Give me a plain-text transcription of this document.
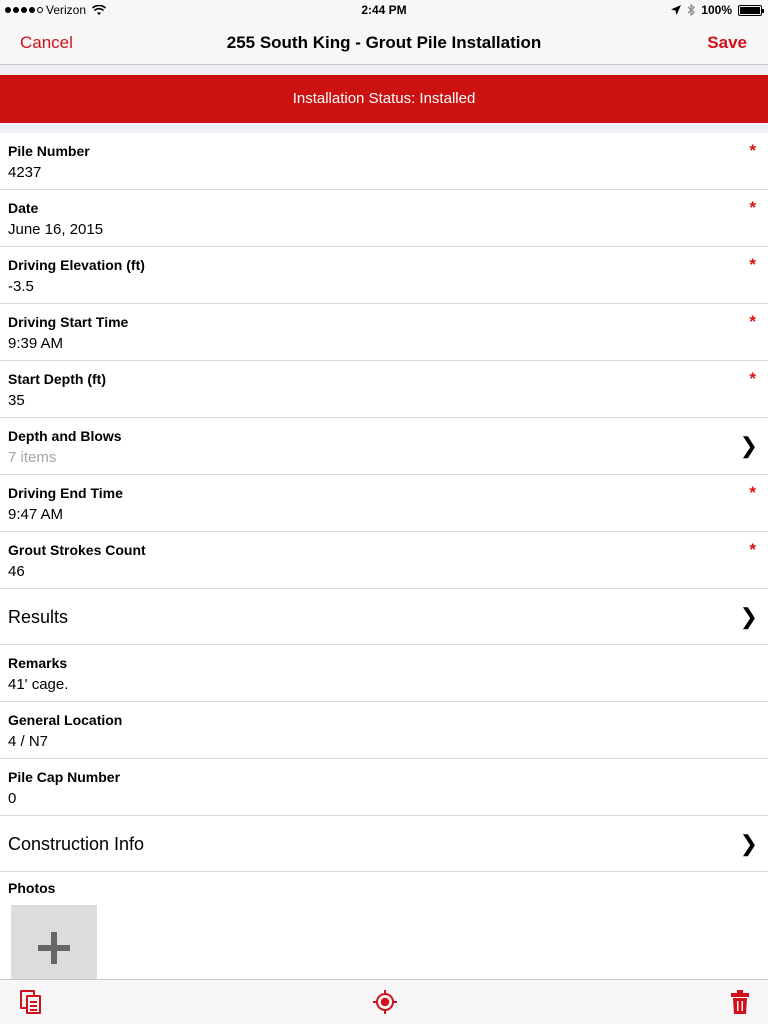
Verizon	2:44 PM	100%
Cancel	255 South King - Grout Pile Installation	Save
Installation Status: Installed
Pile Number
4237
*
Date
June 16, 2015
*
Driving Elevation (ft)
-3.5
*
Driving Start Time
9:39 AM
*
Start Depth (ft)
35
*
Depth and Blows
7 items	❯
Driving End Time
9:47 AM
*
Grout Strokes Count
46
*
Results	❯
Remarks
41' cage.
General Location
4 / N7
Pile Cap Number
0
Construction Info	❯
Photos
